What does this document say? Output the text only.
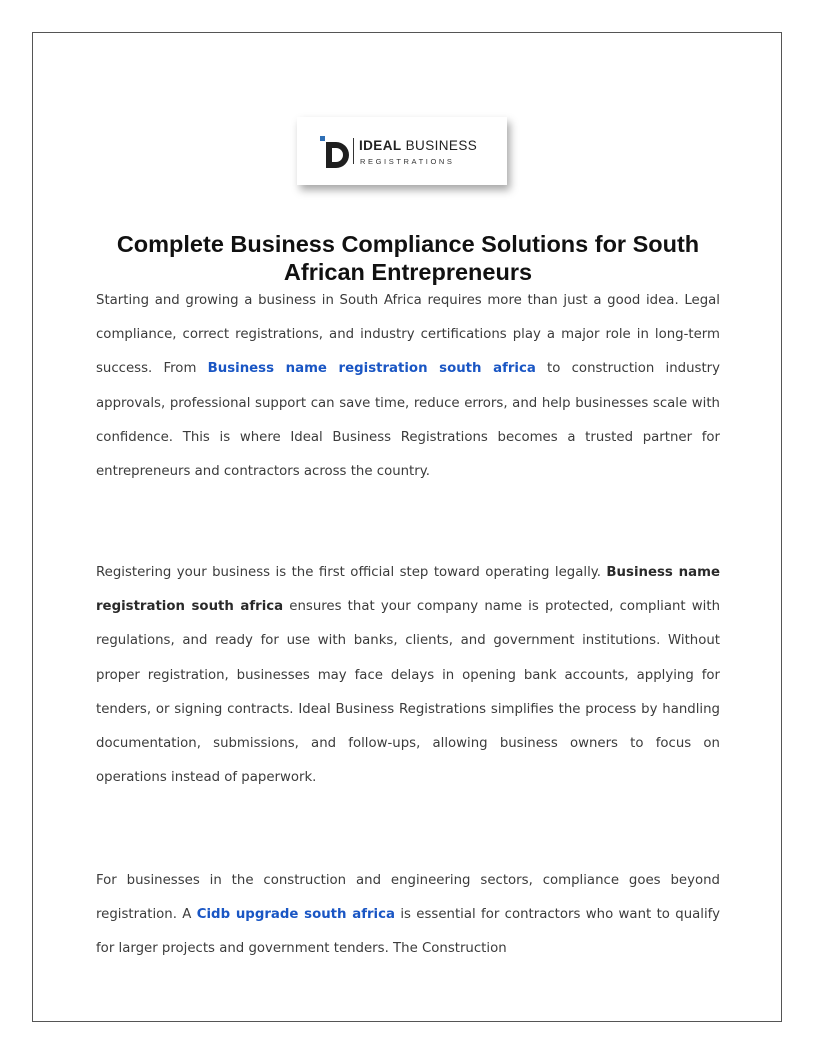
IDEAL BUSINESS
REGISTRATIONS
Complete Business Compliance Solutions for South African Entrepreneurs

Starting and growing a business in South Africa requires more than just a good idea. Legal compliance, correct registrations, and industry certifications play a major role in long-term success. From Business name registration south africa to construction industry approvals, professional support can save time, reduce errors, and help businesses scale with confidence. This is where Ideal Business Registrations becomes a trusted partner for entrepreneurs and contractors across the country.

Registering your business is the first official step toward operating legally. Business name registration south africa ensures that your company name is protected, compliant with regulations, and ready for use with banks, clients, and government institutions. Without proper registration, businesses may face delays in opening bank accounts, applying for tenders, or signing contracts. Ideal Business Registrations simplifies the process by handling documentation, submissions, and follow-ups, allowing business owners to focus on operations instead of paperwork.

For businesses in the construction and engineering sectors, compliance goes beyond registration. A Cidb upgrade south africa is essential for contractors who want to qualify for larger projects and government tenders. The Construction
